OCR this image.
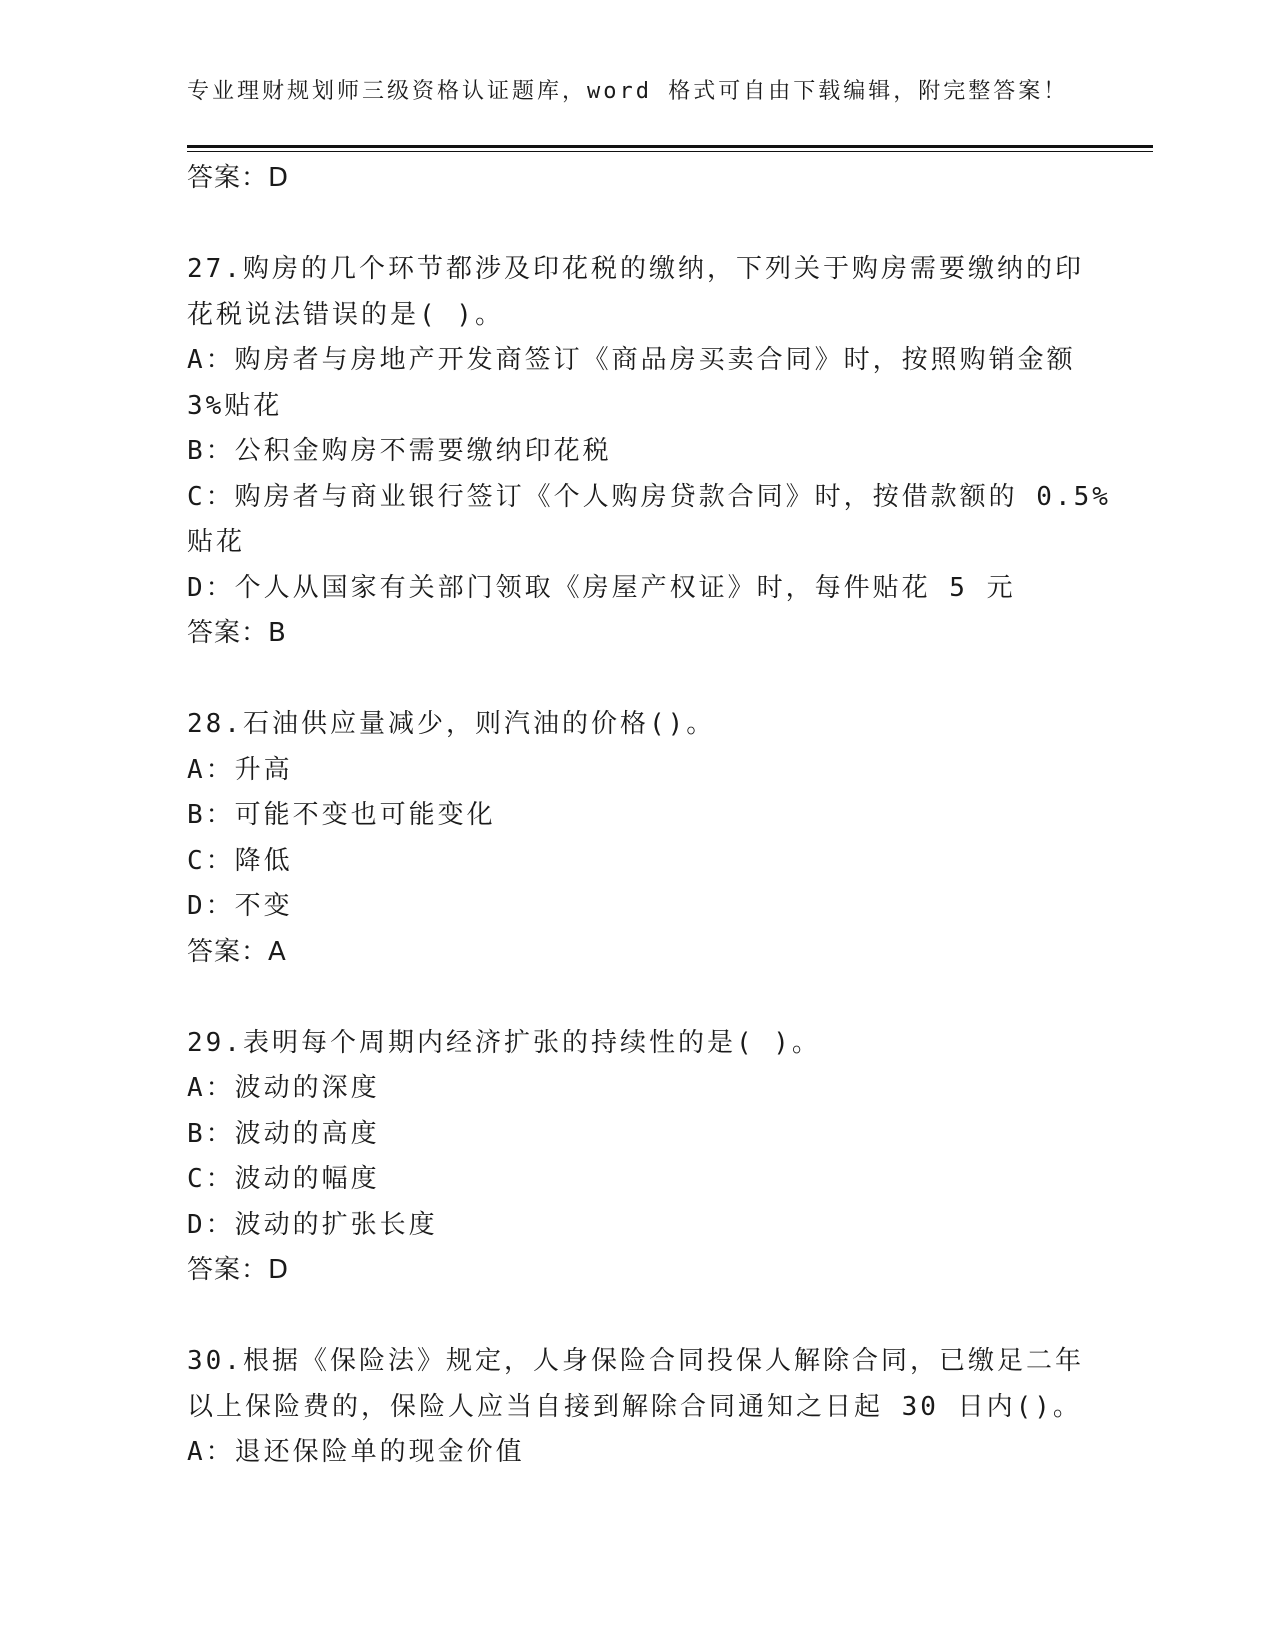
专业理财规划师三级资格认证题库，word 格式可自由下载编辑，附完整答案！
答案：D
27.购房的几个环节都涉及印花税的缴纳，下列关于购房需要缴纳的印
花税说法错误的是( )。
A：购房者与房地产开发商签订《商品房买卖合同》时，按照购销金额
3%贴花
B：公积金购房不需要缴纳印花税
C：购房者与商业银行签订《个人购房贷款合同》时，按借款额的 0.5%
贴花
D：个人从国家有关部门领取《房屋产权证》时，每件贴花 5 元
答案：B
28.石油供应量减少，则汽油的价格()。
A：升高
B：可能不变也可能变化
C：降低
D：不变
答案：A
29.表明每个周期内经济扩张的持续性的是( )。
A：波动的深度
B：波动的高度
C：波动的幅度
D：波动的扩张长度
答案：D
30.根据《保险法》规定，人身保险合同投保人解除合同，已缴足二年
以上保险费的，保险人应当自接到解除合同通知之日起 30 日内()。
A：退还保险单的现金价值
